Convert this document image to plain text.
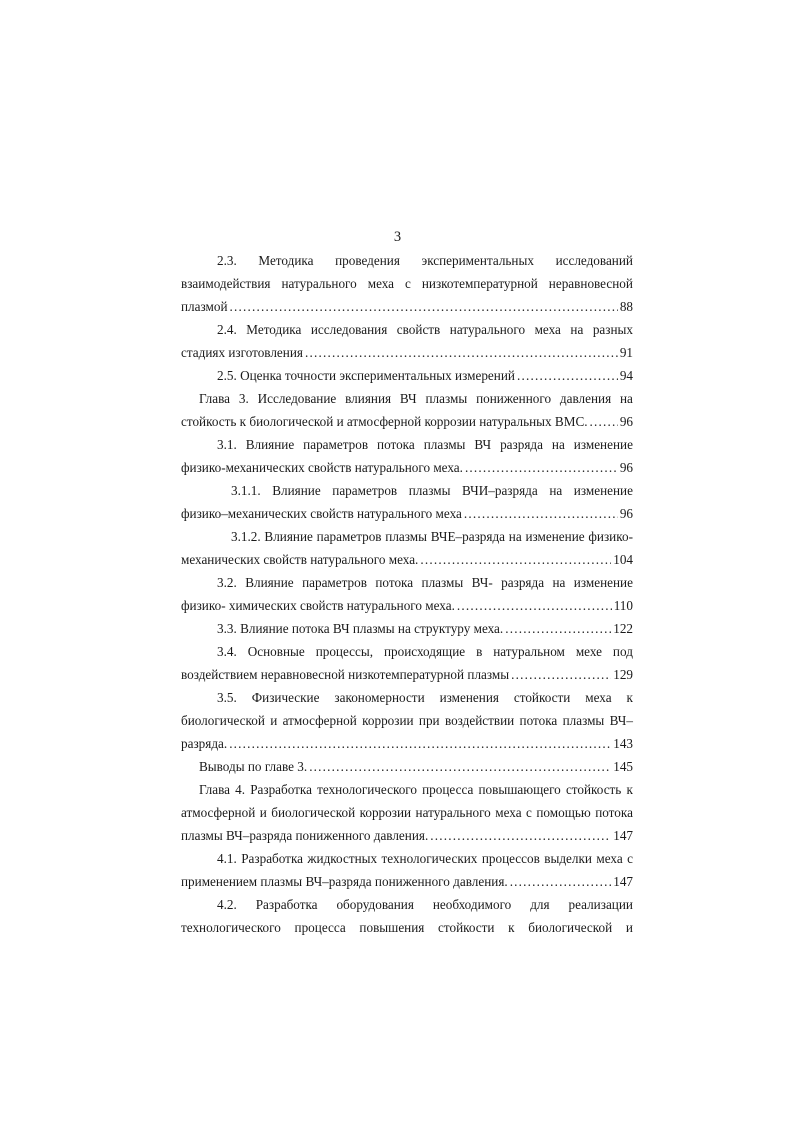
3
2.3. Методика проведения экспериментальных исследований
взаимодействия натурального меха с низкотемпературной неравновесной
плазмой .....	88
2.4. Методика исследования свойств натурального меха на разных
стадиях изготовления .....	91
2.5. Оценка точности экспериментальных измерений .....	94
Глава 3. Исследование влияния ВЧ плазмы пониженного давления на
стойкость к биологической и атмосферной коррозии натуральных ВМС. ..... 96
3.1. Влияние параметров потока плазмы ВЧ разряда на изменение
физико-механических свойств натурального меха. .....	96
3.1.1. Влияние параметров плазмы ВЧИ–разряда на изменение
физико–механических свойств натурального меха .....	96
3.1.2. Влияние параметров плазмы ВЧЕ–разряда на изменение физико-
механических свойств натурального меха. .....	104
3.2. Влияние параметров потока плазмы ВЧ- разряда на изменение
физико- химических свойств натурального меха. .....	110
3.3. Влияние потока ВЧ плазмы на структуру меха. .....	122
3.4. Основные процессы, происходящие в натуральном мехе под
воздействием неравновесной низкотемпературной плазмы .....	129
3.5. Физические закономерности изменения стойкости меха к
биологической и атмосферной коррозии при воздействии потока плазмы ВЧ–
разряда. .....	143
Выводы по главе 3. .....	145
Глава 4. Разработка технологического процесса повышающего стойкость к
атмосферной и биологической коррозии натурального меха с помощью потока
плазмы ВЧ–разряда пониженного давления. .....	147
4.1. Разработка жидкостных технологических процессов выделки меха с
применением плазмы ВЧ–разряда пониженного давления. .....	147
4.2. Разработка оборудования необходимого для реализации
технологического процесса повышения стойкости к биологической и
